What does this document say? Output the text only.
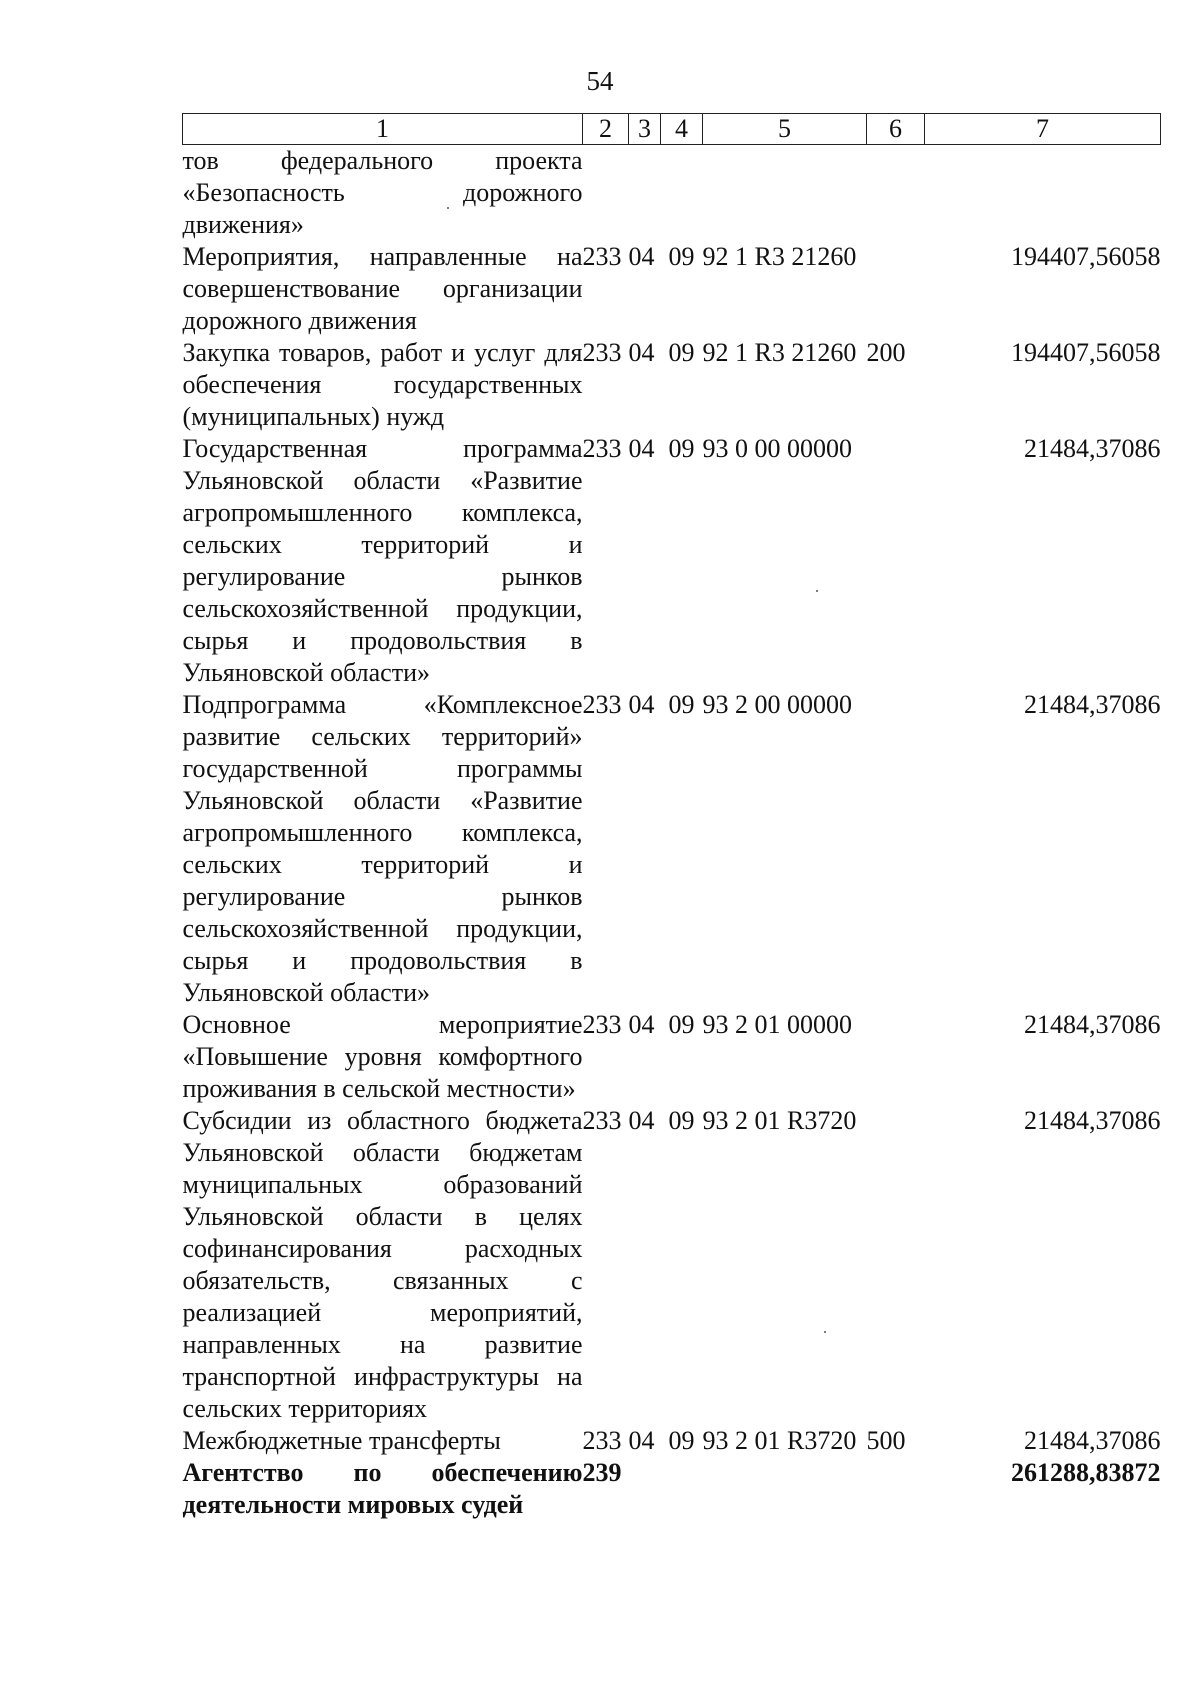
54
1	2	3	4	5	6	7
тов федерального проекта «Безопасность дорожного движения»						
Мероприятия, направленные на совершенствование организации дорожного движения	233	04	09	92 1 R3 21260		194407,56058
Закупка товаров, работ и услуг для обеспечения государственных (муниципальных) нужд	233	04	09	92 1 R3 21260	200	194407,56058
Государственная программа Ульяновской области «Развитие агропромышленного комплекса, сельских территорий и регулирование рынков сельскохозяйственной продукции, сырья и продовольствия в Ульяновской области»	233	04	09	93 0 00 00000		21484,37086
Подпрограмма «Комплексное развитие сельских территорий» государственной программы Ульяновской области «Развитие агропромышленного комплекса, сельских территорий и регулирование рынков сельскохозяйственной продукции, сырья и продовольствия в Ульяновской области»	233	04	09	93 2 00 00000		21484,37086
Основное мероприятие «Повышение уровня комфортного проживания в сельской местности»	233	04	09	93 2 01 00000		21484,37086
Субсидии из областного бюджета Ульяновской области бюджетам муниципальных образований Ульяновской области в целях софинансирования расходных обязательств, связанных с реализацией мероприятий, направленных на развитие транспортной инфраструктуры на сельских территориях	233	04	09	93 2 01 R3720		21484,37086
Межбюджетные трансферты	233	04	09	93 2 01 R3720	500	21484,37086
Агентство по обеспечению деятельности мировых судей	239					261288,83872
